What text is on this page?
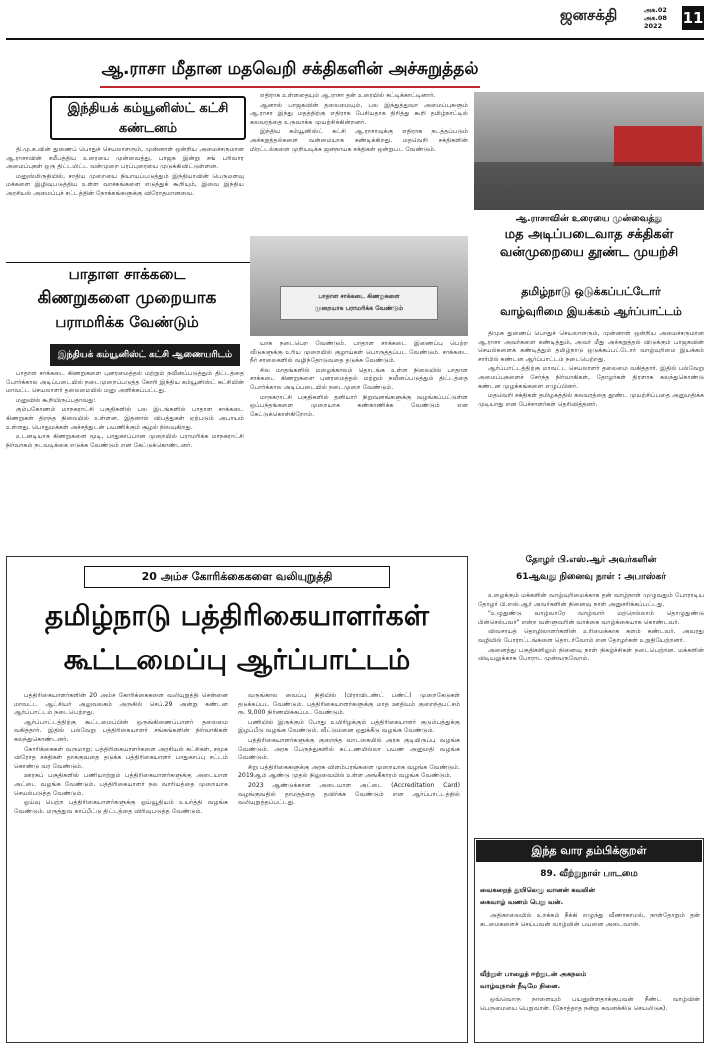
ஜனசக்தி	அக.02
அக.08
2022	11
ஆ.ராசா மீதான மதவெறி சக்திகளின் அச்சுறுத்தல்
இந்தியக் கம்யூனிஸ்ட் கட்சி கண்டனம்

தி.மு.க.வின் துணைப் பொதுச் செயலாளரும், முன்னாள் ஒன்றிய அமைச்சருமான ஆ.ராசாவின் சமீபத்திய உரையை முன்வைத்து, பாஜக இன்று சங் பரிவார அமைப்புகள் ஒரு திட்டமிட்ட வன்முறை பரப்புரையை முடுக்கிவிட்டுள்ளன.

மனுஸ்மிருதியில், சாதிய முறையை நியாயப்படுத்தும் இந்தியாவின் பெருமளவு மக்களை இழிவுபடுத்திய உள்ள வாசகங்களை எடுத்துக் கூறியும், இவை இந்திய அரசியல் அமைப்புச் சட்டத்தின் நோக்கங்களுக்கு விரோதமானவை.

எதிராக உள்ளதையும் ஆ.ராசா தன் உரையில் சுட்டிக்காட்டினார்.

ஆனால் பாஜகவின் தலைமையும், பல இந்துத்துவா அமைப்புகளும் ஆ.ராசா இந்து மதத்திற்கு எதிராக பேசியதாக திரித்து கூறி தமிழ்நாட்டில் கலவரத்தை உருவாக்க முயற்சிக்கின்றனர்.

இந்திய கம்யூனிஸ்ட் கட்சி ஆ.ராசாவுக்கு எதிராக நடத்தப்படும் அச்சுறுத்தல்களை வன்மையாக கண்டிக்கிறது. மதவெறி சக்திகளின் மிரட்டல்களை முறியடிக்க ஜனநாயக சக்திகள் ஒன்றுபட வேண்டும்.

ஆ.ராசாவின் உரையை முன்வைத்து
மத அடிப்படைவாத சக்திகள்
வன்முறையை தூண்ட முயற்சி
பாதாள சாக்கடை
கிணறுகளை முறையாக
பராமரிக்க வேண்டும்
இந்தியக் கம்யூனிஸ்ட் கட்சி ஆணையரிடம்

பாதாள சாக்கடை கிணறுகளை புனரமைத்தல் மற்றும் நவீனப்படுத்தும் திட்டத்தை போர்க்கால அடிப்படையில் நடைமுறைப்படுத்த கோரி இந்திய கம்யூனிஸ்ட் கட்சியின் மாவட்ட செயலாளர் தலைமையில் மனு அளிக்கப்பட்டது.

மனுவில் கூறியிருப்பதாவது:

கும்பகோணம் மாநகராட்சி பகுதிகளில் பல இடங்களில் பாதாள சாக்கடை கிணறுகள் திறந்த நிலையில் உள்ளன. இதனால் விபத்துகள் ஏற்படும் அபாயம் உள்ளது. பொதுமக்கள் அச்சத்துடன் பயணிக்கும் சூழல் நிலவுகிறது.

உடனடியாக கிணறுகளை மூடி, பாதுகாப்பான முறையில் பராமரிக்க மாநகராட்சி நிர்வாகம் நடவடிக்கை எடுக்க வேண்டும் என கேட்டுக்கொண்டனர்.

பாதாள சாக்கடை கிணறுகளை
முறையாக பராமரிக்க வேண்டும்

யாக நடைபெற வேண்டும். பாதாள சாக்கடை இணைப்பு பெற்ற வீடுகளுக்கு உரிய முறையில் குழாய்கள் பொருத்தப்பட வேண்டும். சாக்கடை நீர் சாலைகளில் வழிந்தோடுவதை தடுக்க வேண்டும்.

சில மாதங்களில் மழைக்காலம் தொடங்க உள்ள நிலையில் பாதாள சாக்கடை கிணறுகளை புனரமைத்தல் மற்றும் நவீனப்படுத்தும் திட்டத்தை போர்க்கால அடிப்படையில் நடைமுறை வேண்டும்.

மாநகராட்சி பகுதிகளில் தனியார் நிறுவனங்களுக்கு வழங்கப்பட்டுள்ள ஒப்பந்தங்களை முறையாக கண்காணிக்க வேண்டும் என கேட்டுக்கொள்கிறோம்.

தமிழ்நாடு ஒடுக்கப்பட்டோர்
வாழ்வுரிமை இயக்கம் ஆர்ப்பாட்டம்

திமுக துணைப் பொதுச் செயலாளரும், முன்னாள் ஒன்றிய அமைச்சருமான ஆ.ராசா அவர்களை கண்டித்தும், அவர் மீது அச்சுறுத்தல் விடுக்கும் பாஜகவின் செயல்களைக் கண்டித்தும் தமிழ்நாடு ஒடுக்கப்பட்டோர் வாழ்வுரிமை இயக்கம் சார்பில் கண்டன ஆர்ப்பாட்டம் நடைபெற்றது.

ஆர்ப்பாட்டத்திற்கு மாவட்ட செயலாளர் தலைமை வகித்தார். இதில் பல்வேறு அமைப்புகளைச் சேர்ந்த நிர்வாகிகள், தோழர்கள் திரளாக கலந்துகொண்டு கண்டன முழக்கங்களை எழுப்பினர்.

மதவெறி சக்திகள் தமிழகத்தில் கலவரத்தை தூண்ட முயற்சிப்பதை அனுமதிக்க முடியாது என பேச்சாளர்கள் தெரிவித்தனர்.

தோழர் பி.எஸ்.ஆர் அவர்களின்
61ஆவது நினைவு நாள் : அபாஸ்கர்

உழைக்கும் மக்களின் வாழ்வுரிமைக்காக தன் வாழ்நாள் முழுவதும் போராடிய தோழர் பி.எஸ்.ஆர் அவர்களின் நினைவு நாள் அனுசரிக்கப்பட்டது.

"உழுதுண்டு வாழ்வாரே வாழ்வார் மற்றெல்லாம் தொழுதுண்டு பின்செல்பவர்" என்ற வள்ளுவரின் வாக்கை வாழ்க்கையாக கொண்டவர்.

விவசாயத் தொழிலாளர்களின் உரிமைக்காக களம் கண்டவர். அவரது வழியில் போராட்டங்களை தொடர்வோம் என தோழர்கள் உறுதியேற்றனர்.

அனைத்து பகுதிகளிலும் நினைவு நாள் நிகழ்ச்சிகள் நடைபெற்றன. மக்களின் விடியலுக்காக போராட முன்வருவோம்.

20 அம்ச கோரிக்கைகளை வலியுறுத்தி
தமிழ்நாடு பத்திரிகையாளர்கள்
கூட்டமைப்பு ஆர்ப்பாட்டம்

பத்திரிகையாளர்களின் 20 அம்ச கோரிக்கைகளை வலியுறுத்தி சென்னை மாவட்ட ஆட்சியர் அலுவலகம் அருகில் செப்.29 அன்று கண்டன ஆர்ப்பாட்டம் நடைபெற்றது.

ஆர்ப்பாட்டத்திற்கு கூட்டமைப்பின் ஒருங்கிணைப்பாளர் தலைமை வகித்தார். இதில் பல்வேறு பத்திரிகையாளர் சங்கங்களின் நிர்வாகிகள் கலந்துகொண்டனர்.

கோரிக்கைகள் வருமாறு: பத்திரிகையாளர்களை அரசியல் கட்சிகள், சமூக விரோத சக்திகள் தாக்குவதை தடுக்க பத்திரிகையாளர் பாதுகாப்பு சட்டம் கொண்டு வர வேண்டும்.

ஊரகப் பகுதிகளில் பணியாற்றும் பத்திரிகையாளர்களுக்கு அடையாள அட்டை வழங்க வேண்டும். பத்திரிகையாளர் நல வாரியத்தை முறையாக செயல்படுத்த வேண்டும்.

ஓய்வு பெற்ற பத்திரிகையாளர்களுக்கு ஓய்வூதியம் உயர்த்தி வழங்க வேண்டும். மருத்துவ காப்பீட்டு திட்டத்தை விரிவுபடுத்த வேண்டும்.

வருங்கால வைப்பு நிதியில் (பிராவிடண்ட் பண்ட்) முறைகேடுகள் தடுக்கப்பட வேண்டும். பத்திரிகையாளர்களுக்கு மாத ஊதியம் குறைந்தபட்சம் ரூ. 9,000 நிர்ணயிக்கப்பட வேண்டும்.

பணியில் இருக்கும் போது உயிரிழக்கும் பத்திரிகையாளர் குடும்பத்துக்கு இழப்பீடு வழங்க வேண்டும். வீட்டுமனை ஒதுக்கீடு வழங்க வேண்டும்.

பத்திரிகையாளர்களுக்கு குறைந்த வாடகையில் அரசு குடியிருப்பு வழங்க வேண்டும். அரசு பேருந்துகளில் கட்டணமில்லா பயண அனுமதி வழங்க வேண்டும்.

சிறு பத்திரிகைகளுக்கு அரசு விளம்பரங்களை முறையாக வழங்க வேண்டும். 2019ஆம் ஆண்டு முதல் நிலுவையில் உள்ள அங்கீகாரம் வழங்க வேண்டும்.

2023 ஆண்டுக்கான அடையாள அட்டை (Accreditation Card) வழங்குவதில் தாமதத்தை தவிர்க்க வேண்டும் என ஆர்ப்பாட்டத்தில் வலியுறுத்தப்பட்டது.

இந்த வார தம்பிக்குறள்
89. வீற்றுநாள் பாடமை
வைகறைத் துயிலெழு வானன் கவலின்
கைவாழ் வணம் பெறு வன்.

அதிகாலையில் உறக்கம் நீக்கி எழுந்து வீணாகாமல், நாள்தோறும் தன் கடமைகளைச் செய்பவன் வாழ்வின் பயனை அடைவான்.

வீற்றுள் பாழைத் ஈற்றுடன் அகநலம்
வாழ்வுநான் நீடிமே நினை.

ஒவ்வொரு நாளையும் பயனுள்ளதாக்குபவன் நீண்ட வாழ்வின் பெருமையை பெறுவான். (நோத்தாத நன்று கவனக்கிடு செயலிடுக).
